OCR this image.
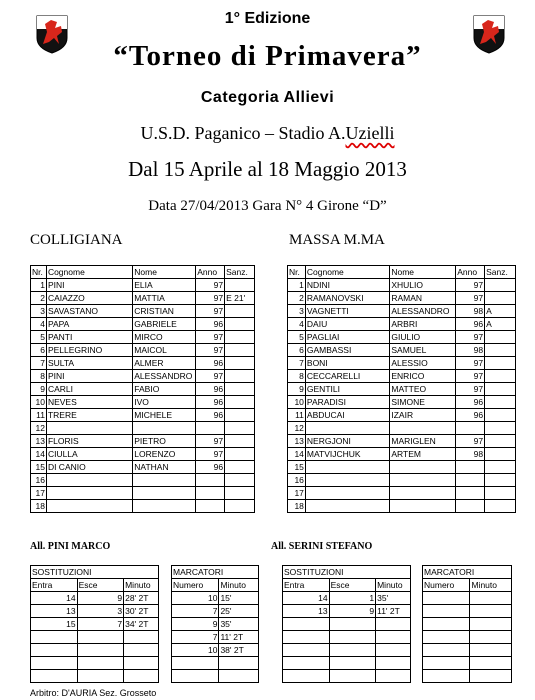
1° Edizione
“Torneo di Primavera”
Categoria Allievi
U.S.D. Paganico – Stadio A.Uzielli
Dal 15 Aprile al 18 Maggio 2013
Data 27/04/2013 Gara N° 4 Girone “D”
COLLIGIANA	MASSA M.MA
Nr.	Cognome	Nome	Anno	Sanz.
1	PINI	ELIA	97	
2	CAIAZZO	MATTIA	97	E 21'
3	SAVASTANO	CRISTIAN	97	
4	PAPA	GABRIELE	96	
5	PANTI	MIRCO	97	
6	PELLEGRINO	MAICOL	97	
7	SULTA	ALMER	96	
8	PINI	ALESSANDRO	97	
9	CARLI	FABIO	96	
10	NEVES	IVO	96	
11	TRERE	MICHELE	96	
12				
13	FLORIS	PIETRO	97	
14	CIULLA	LORENZO	97	
15	DI CANIO	NATHAN	96	
16				
17				
18				
Nr.	Cognome	Nome	Anno	Sanz.
1	NDINI	XHULIO	97	
2	RAMANOVSKI	RAMAN	97	
3	VAGNETTI	ALESSANDRO	98	A
4	DAIU	ARBRI	96	A
5	PAGLIAI	GIULIO	97	
6	GAMBASSI	SAMUEL	98	
7	BONI	ALESSIO	97	
8	CECCARELLI	ENRICO	97	
9	GENTILI	MATTEO	97	
10	PARADISI	SIMONE	96	
11	ABDUCAI	IZAIR	96	
12				
13	NERGJONI	MARIGLEN	97	
14	MATVIJCHUK	ARTEM	98	
15				
16				
17				
18				
All. PINI MARCO	All. SERINI STEFANO
SOSTITUZIONI		
Entra	Esce	Minuto
14	9	28' 2T
13	3	30' 2T
15	7	34' 2T

MARCATORI	
Numero	Minuto
10	15'
7	25'
9	35'
7	11' 2T
10	38' 2T

SOSTITUZIONI		
Entra	Esce	Minuto
14	1	35'
13	9	11' 2T

MARCATORI	
Numero	Minuto

Arbitro: D'AURIA Sez. Grosseto
